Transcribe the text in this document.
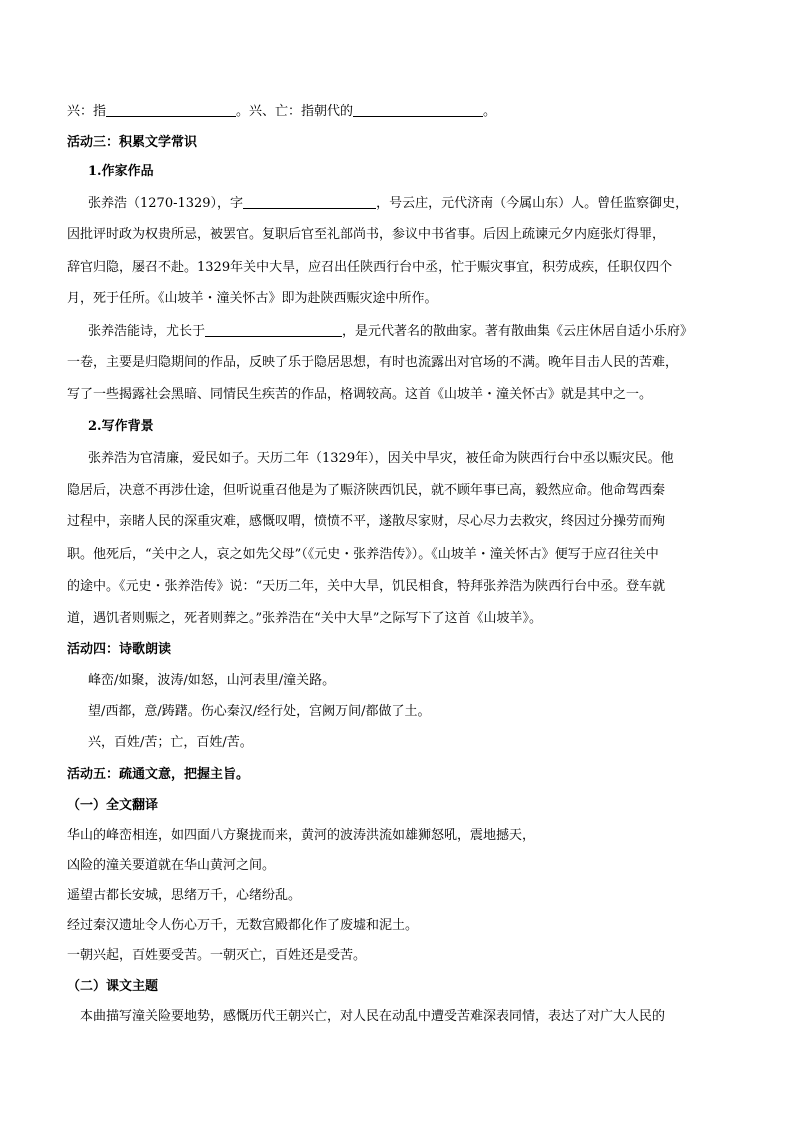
兴：指	。兴、亡：指朝代的	。
活动三：积累文学常识
1.作家作品
张养浩（1270-1329），字	，号云庄，元代济南（今属山东）人。曾任监察御史，
因批评时政为权贵所忌，被罢官。复职后官至礼部尚书，参议中书省事。后因上疏谏元夕内庭张灯得罪，
辞官归隐，屡召不赴。1329年关中大旱，应召出任陕西行台中丞，忙于赈灾事宜，积劳成疾，任职仅四个
月，死于任所。《山坡羊・潼关怀古》即为赴陕西赈灾途中所作。
张养浩能诗，尤长于	，是元代著名的散曲家。著有散曲集《云庄休居自适小乐府》
一卷，主要是归隐期间的作品，反映了乐于隐居思想，有时也流露出对官场的不满。晚年目击人民的苦难，
写了一些揭露社会黑暗、同情民生疾苦的作品，格调较高。这首《山坡羊・潼关怀古》就是其中之一。
2.写作背景
张养浩为官清廉，爱民如子。天历二年（1329年），因关中旱灾，被任命为陕西行台中丞以赈灾民。他
隐居后，决意不再涉仕途，但听说重召他是为了赈济陕西饥民，就不顾年事已高，毅然应命。他命驾西秦
过程中，亲睹人民的深重灾难，感慨叹喟，愤愤不平，遂散尽家财，尽心尽力去救灾，终因过分操劳而殉
职。他死后，“关中之人，哀之如先父母”（《元史・张养浩传》）。《山坡羊・潼关怀古》便写于应召往关中
的途中。《元史・张养浩传》说：“天历二年，关中大旱，饥民相食，特拜张养浩为陕西行台中丞。登车就
道，遇饥者则赈之，死者则葬之。”张养浩在“关中大旱”之际写下了这首《山坡羊》。
活动四：诗歌朗读
峰峦/如聚，波涛/如怒，山河表里/潼关路。
望/西都，意/踌躇。伤心秦汉/经行处，宫阙万间/都做了土。
兴，百姓/苦；亡，百姓/苦。
活动五：疏通文意，把握主旨。
（一）全文翻译
华山的峰峦相连，如四面八方聚拢而来，黄河的波涛洪流如雄狮怒吼，震地撼天，
凶险的潼关要道就在华山黄河之间。
遥望古都长安城，思绪万千，心绪纷乱。
经过秦汉遗址令人伤心万千，无数宫殿都化作了废墟和泥土。
一朝兴起，百姓要受苦。一朝灭亡，百姓还是受苦。
（二）课文主题
本曲描写潼关险要地势，感慨历代王朝兴亡，对人民在动乱中遭受苦难深表同情，表达了对广大人民的
